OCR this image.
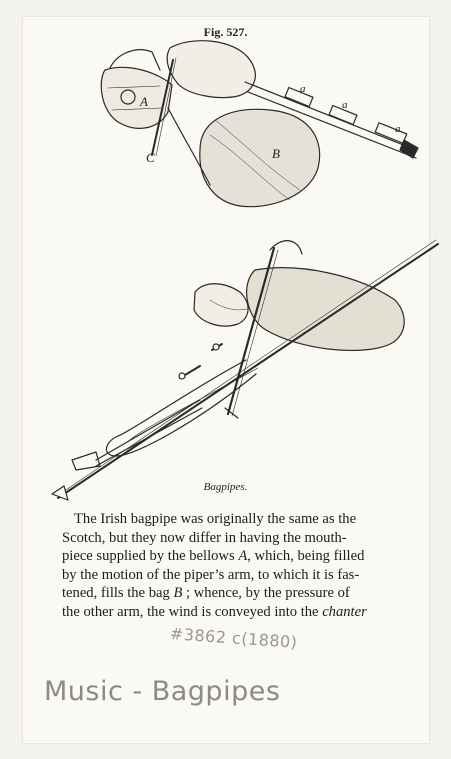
Fig. 527.
A
B
C
a
a
a
Bagpipes.

The Irish bagpipe was originally the same as the

Scotch, but they now differ in having the mouth-

piece supplied by the bellows A, which, being filled

by the motion of the piper’s arm, to which it is fas-

tened, fills the bag B ; whence, by the pressure of

the other arm, the wind is conveyed into the chanter

#3862 c(1880)
Music - Bagpipes
